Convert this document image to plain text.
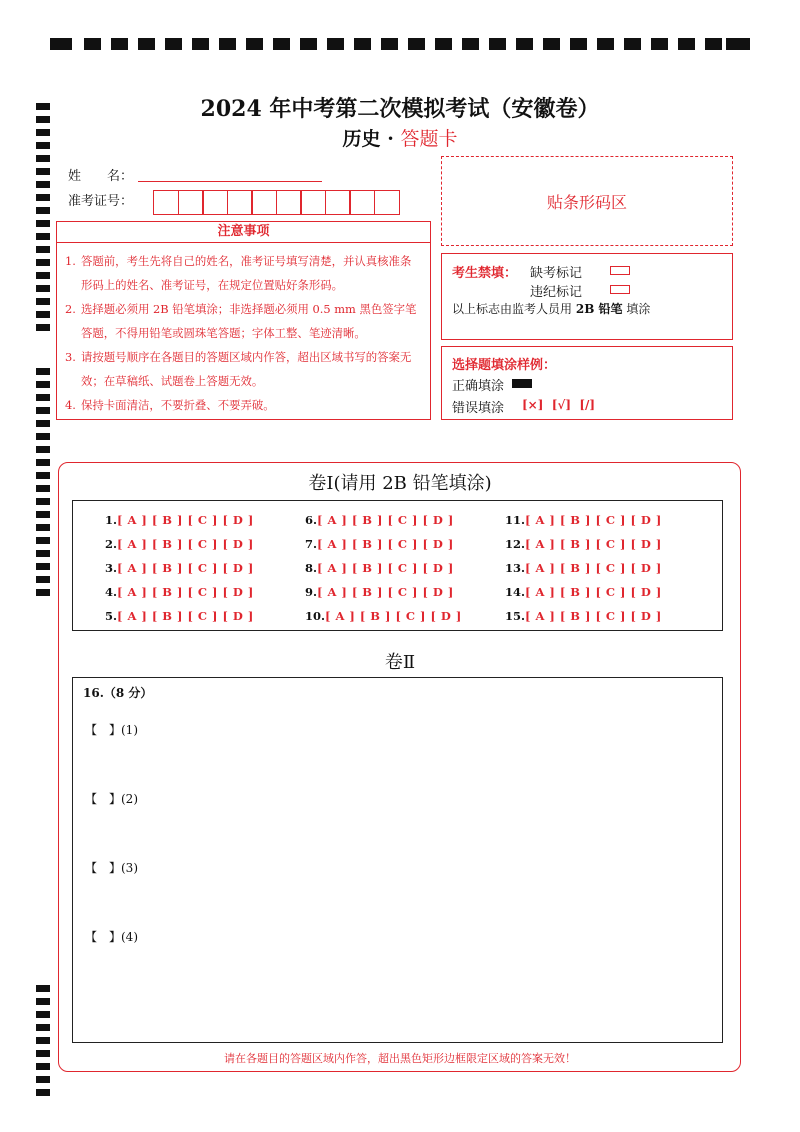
2024 年中考第二次模拟考试（安徽卷）
历史 · 答题卡
姓　　名：
准考证号：	贴条形码区
注意事项
1. 答题前，考生先将自己的姓名，准考证号填写清楚，并认真核准条形码上的姓名、准考证号，在规定位置贴好条形码。
2. 选择题必须用 2B 铅笔填涂；非选择题必须用 0.5 mm 黑色签字笔答题，不得用铅笔或圆珠笔答题；字体工整、笔迹清晰。
3. 请按题号顺序在各题目的答题区域内作答，超出区域书写的答案无效；在草稿纸、试题卷上答题无效。
4. 保持卡面清洁，不要折叠、不要弄破。
考生禁填： 缺考标记
违纪标记
以上标志由监考人员用 2B 铅笔 填涂
选择题填涂样例：
正确填涂
错误填涂 [×]  [√]  [/]
卷Ⅰ(请用 2B 铅笔填涂)
1.[ A ] [ B ] [ C ] [ D ]
2.[ A ] [ B ] [ C ] [ D ]
3.[ A ] [ B ] [ C ] [ D ]
4.[ A ] [ B ] [ C ] [ D ]
5.[ A ] [ B ] [ C ] [ D ]
6.[ A ] [ B ] [ C ] [ D ]
7.[ A ] [ B ] [ C ] [ D ]
8.[ A ] [ B ] [ C ] [ D ]
9.[ A ] [ B ] [ C ] [ D ]
10.[ A ] [ B ] [ C ] [ D ]
11.[ A ] [ B ] [ C ] [ D ]
12.[ A ] [ B ] [ C ] [ D ]
13.[ A ] [ B ] [ C ] [ D ]
14.[ A ] [ B ] [ C ] [ D ]
15.[ A ] [ B ] [ C ] [ D ]
卷Ⅱ
16.（8 分）
【　】(1)
【　】(2)
【　】(3)
【　】(4)
请在各题目的答题区域内作答，超出黑色矩形边框限定区域的答案无效！
